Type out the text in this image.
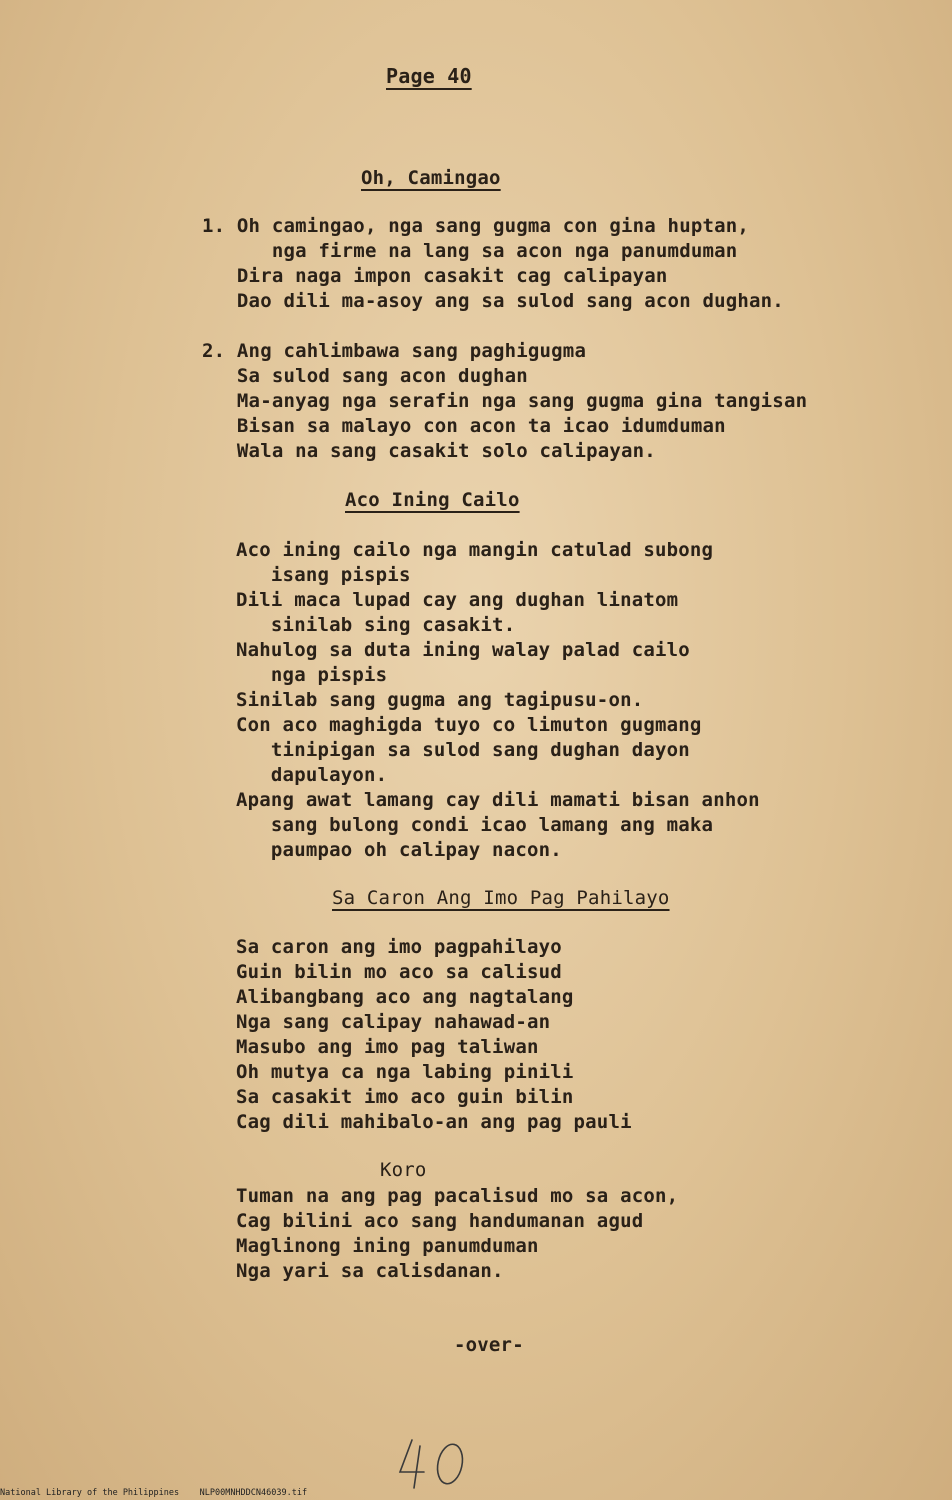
Page 40
Oh, Camingao
1. Oh camingao, nga sang gugma con gina huptan,
nga firme na lang sa acon nga panumduman
Dira naga impon casakit cag calipayan
Dao dili ma-asoy ang sa sulod sang acon dughan.
2. Ang cahlimbawa sang paghigugma
Sa sulod sang acon dughan
Ma-anyag nga serafin nga sang gugma gina tangisan
Bisan sa malayo con acon ta icao idumduman
Wala na sang casakit solo calipayan.
Aco Ining Cailo
Aco ining cailo nga mangin catulad subong
isang pispis
Dili maca lupad cay ang dughan linatom
sinilab sing casakit.
Nahulog sa duta ining walay palad cailo
nga pispis
Sinilab sang gugma ang tagipusu-on.
Con aco maghigda tuyo co limuton gugmang
tinipigan sa sulod sang dughan dayon
dapulayon.
Apang awat lamang cay dili mamati bisan anhon
sang bulong condi icao lamang ang maka
paumpao oh calipay nacon.
Sa Caron Ang Imo Pag Pahilayo
Sa caron ang imo pagpahilayo
Guin bilin mo aco sa calisud
Alibangbang aco ang nagtalang
Nga sang calipay nahawad-an
Masubo ang imo pag taliwan
Oh mutya ca nga labing pinili
Sa casakit imo aco guin bilin
Cag dili mahibalo-an ang pag pauli
Koro
Tuman na ang pag pacalisud mo sa acon,
Cag bilini aco sang handumanan agud
Maglinong ining panumduman
Nga yari sa calisdanan.
-over-
National Library of the Philippines NLP00MNHDDCN46039.tif
